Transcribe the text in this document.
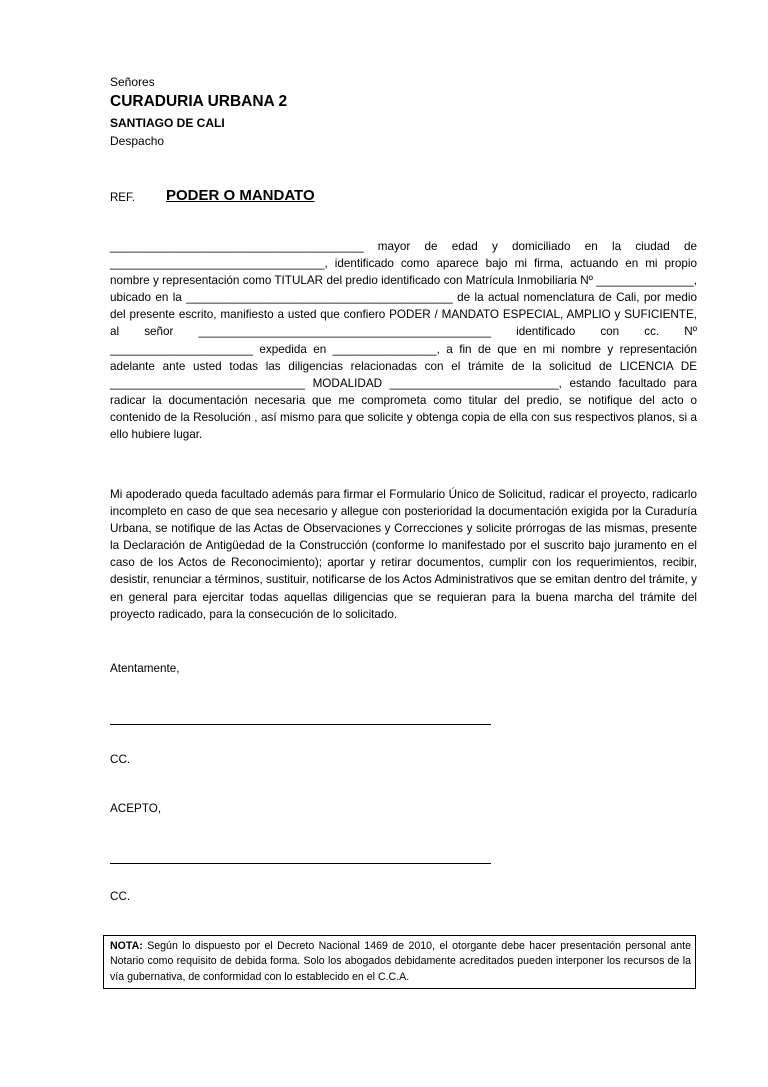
Señores
CURADURIA URBANA 2
SANTIAGO DE CALI
Despacho
REF. PODER O MANDATO
_______________________________________ mayor de edad y domiciliado en la ciudad de _________________________________, identificado como aparece bajo mi firma, actuando en mi propio nombre y representación como TITULAR del predio identificado con Matrícula Inmobiliaria Nº _______________, ubicado en la _________________________________________ de la actual nomenclatura de Cali, por medio del presente escrito, manifiesto a usted que confiero PODER / MANDATO ESPECIAL, AMPLIO y SUFICIENTE, al señor _____________________________________________ identificado con cc. Nº ______________________ expedida en ________________, a fin de que en mi nombre y representación adelante ante usted todas las diligencias relacionadas con el trámite de la solicitud de LICENCIA DE ______________________________ MODALIDAD __________________________, estando facultado para radicar la documentación necesaria que me comprometa como titular del predio, se notifique del acto o contenido de la Resolución , así mismo para que solicite y obtenga copia de ella con sus respectivos planos, si a ello hubiere lugar.
Mi apoderado queda facultado además para firmar el Formulario Único de Solicitud, radicar el proyecto, radicarlo incompleto en caso de que sea necesario y allegue con posterioridad la documentación exigida por la Curaduría Urbana, se notifique de las Actas de Observaciones y Correcciones y solicite prórrogas de las mismas, presente la Declaración de Antigüedad de la Construcción (conforme lo manifestado por el suscrito bajo juramento en el caso de los Actos de Reconocimiento); aportar y retirar documentos, cumplir con los requerimientos, recibir, desistir, renunciar a términos, sustituir, notificarse de los Actos Administrativos que se emitan dentro del trámite, y en general para ejercitar todas aquellas diligencias que se requieran para la buena marcha del trámite del proyecto radicado, para la consecución de lo solicitado.
Atentamente,
CC.
ACEPTO,
CC.
NOTA: Según lo dispuesto por el Decreto Nacional 1469 de 2010, el otorgante debe hacer presentación personal ante Notario como requisito de debida forma. Solo los abogados debidamente acreditados pueden interponer los recursos de la vía gubernativa, de conformidad con lo establecido en el C.C.A.
